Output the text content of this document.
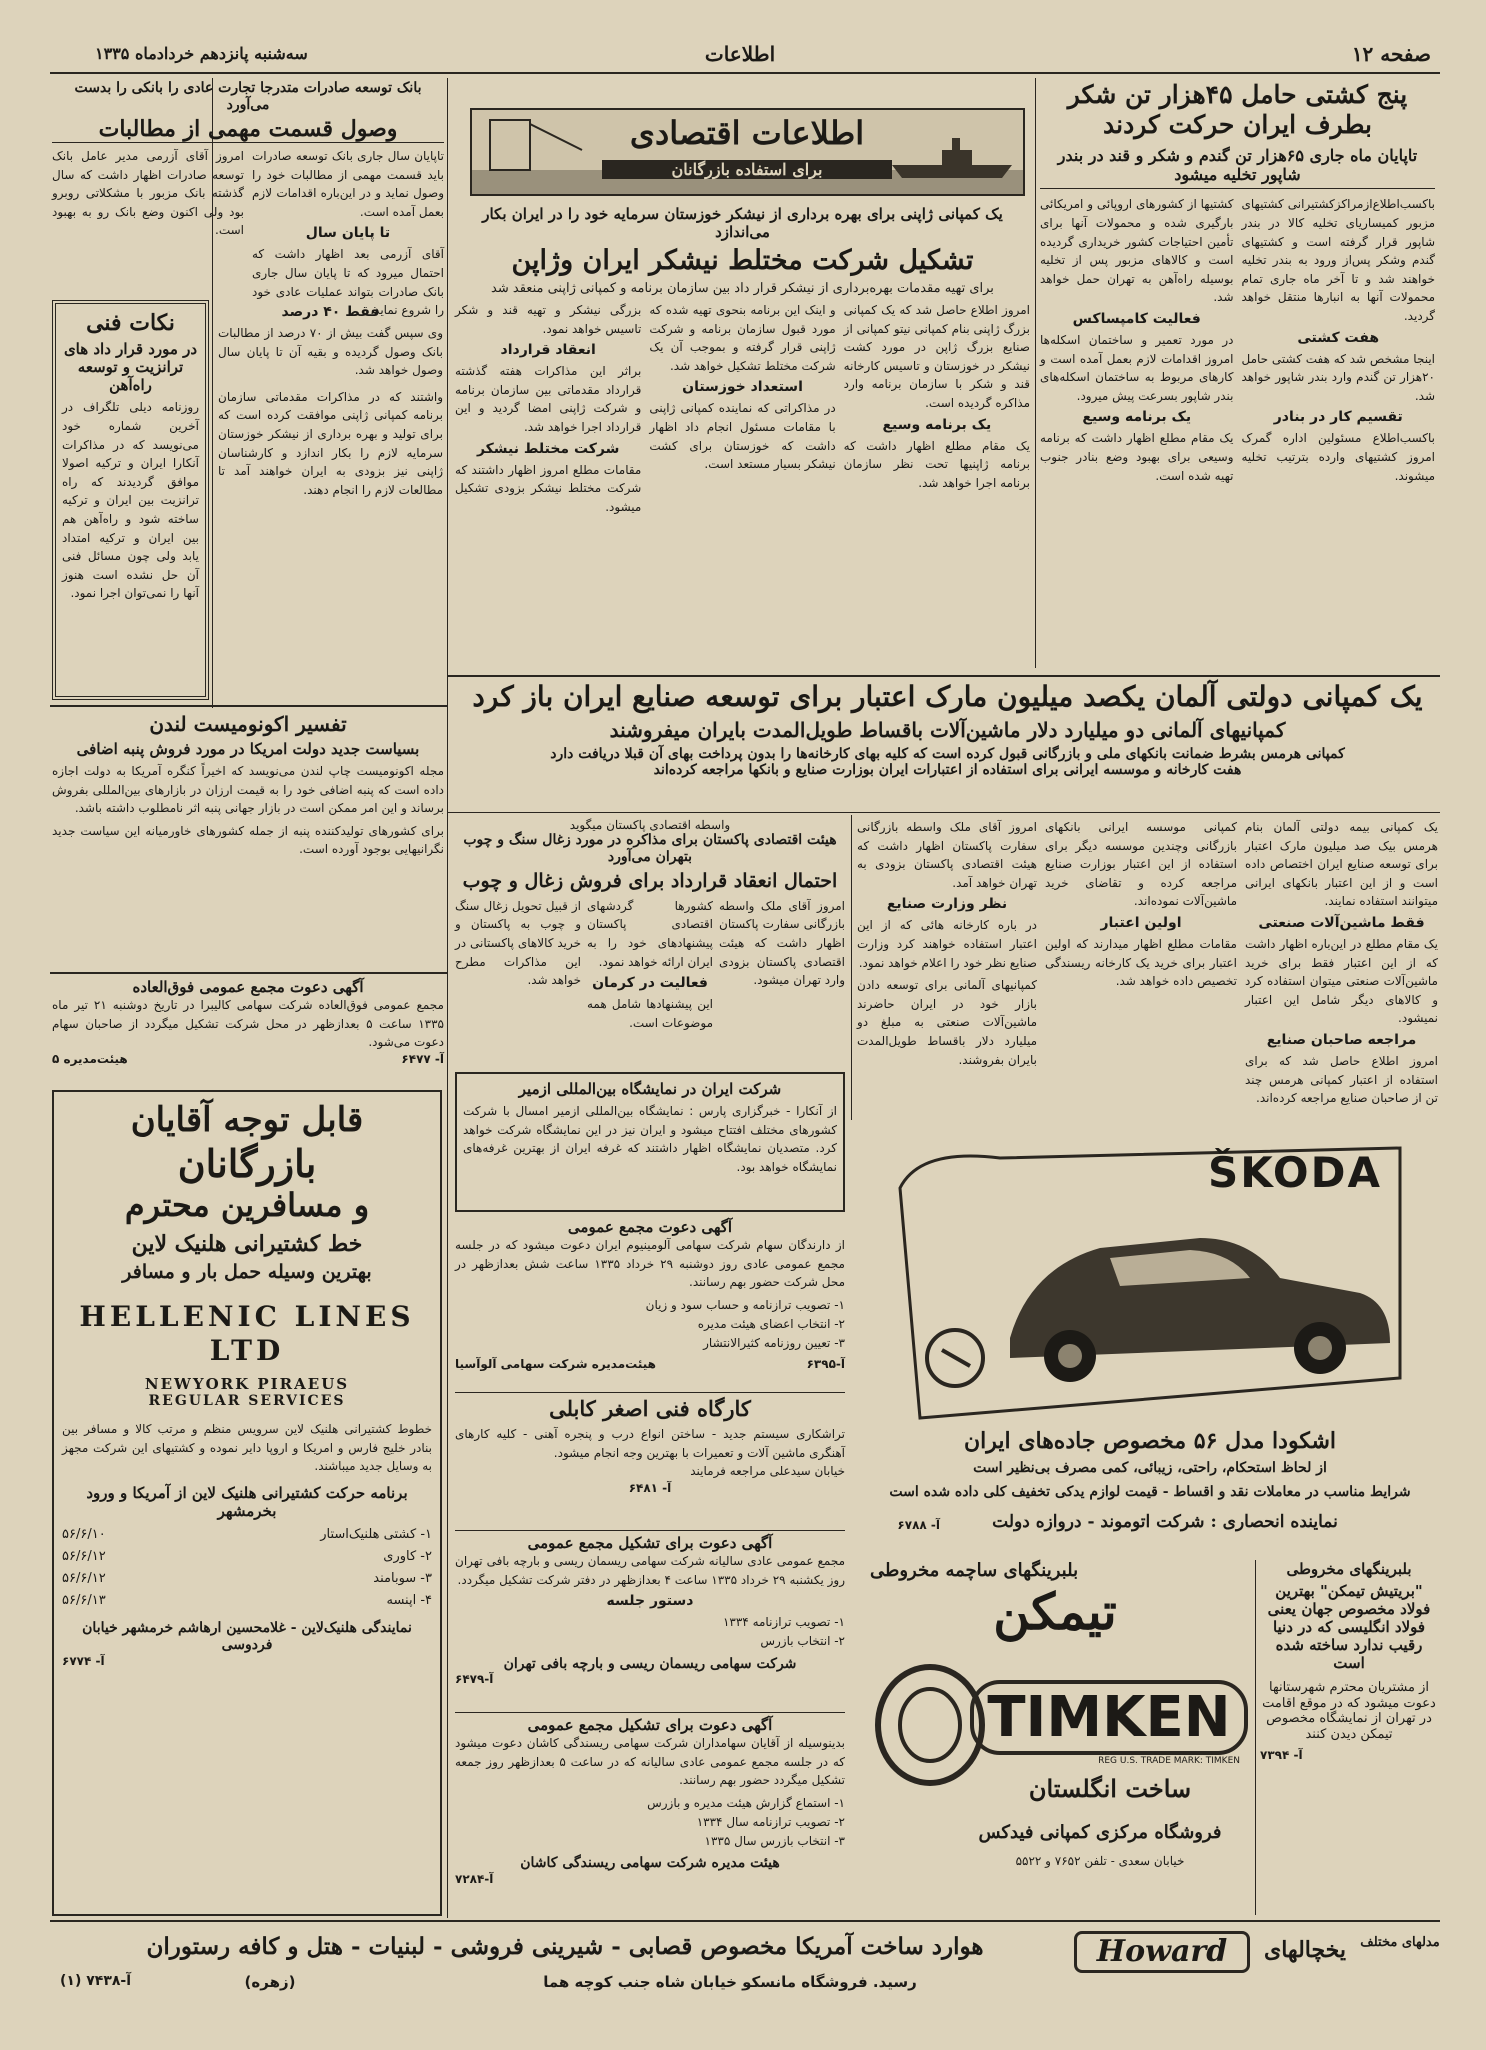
صفحه ۱۲
اطلاعات
سه‌شنبه پانزدهم خردادماه ۱۳۳۵
پنج کشتی حامل ۴۵هزار تن شکر بطرف ایران حرکت کردند
تاپایان ماه جاری ۶۵هزار تن گندم و شکر و قند در بندر شاپور تخلیه میشود
باکسب‌اطلاع‌از‌مراکز‌کشتیرانی کشتیهای مزبور کمیساریای تخلیه کالا در بندر شاپور قرار گرفته است و کشتیهای گندم وشکر پس‌از ورود به بندر تخلیه خواهند شد و تا آخر ماه جاری تمام محمولات آنها به انبارها منتقل خواهد گردید.
هفت کشتی
اینجا مشخص شد که هفت کشتی حامل ۲۰هزار تن گندم وارد بندر شاپور خواهد شد.
تقسیم کار در بنادر
باکسب‌اطلاع مسئولین اداره گمرک امروز کشتیهای وارده بترتیب تخلیه میشوند.
کشتیها از کشورهای اروپائی و امریکائی بارگیری شده و محمولات آنها برای تأمین احتیاجات کشور خریداری گردیده است و کالاهای مزبور پس از تخلیه بوسیله راه‌آهن به تهران حمل خواهد شد.
فعالیت کامپساکس
در مورد تعمیر و ساختمان اسکله‌ها امروز اقدامات لازم بعمل آمده است و کارهای مربوط به ساختمان اسکله‌های بندر شاپور بسرعت پیش میرود.
یک برنامه وسیع
یک مقام مطلع اظهار داشت که برنامه وسیعی برای بهبود وضع بنادر جنوب تهیه شده است.
اطلاعات اقتصادی
برای استفاده بازرگانان
یک کمپانی ژاپنی برای بهره برداری از نیشکر خوزستان سرمایه خود را در ایران بکار می‌اندازد
تشکیل شرکت مختلط نیشکر ایران وژاپن
برای تهیه مقدمات بهره‌برداری از نیشکر قرار داد بین سازمان برنامه و کمپانی ژاپنی منعقد شد
امروز اطلاع حاصل شد که یک کمپانی بزرگ ژاپنی بنام کمپانی نیتو کمپانی از صنایع بزرگ ژاپن در مورد کشت نیشکر در خوزستان و تاسیس کارخانه قند و شکر با سازمان برنامه وارد مذاکره گردیده است.
یک برنامه وسیع
یک مقام مطلع اظهار داشت که برنامه ژاپنیها تحت نظر سازمان برنامه اجرا خواهد شد.
و اینک این برنامه بنحوی تهیه شده که مورد قبول سازمان برنامه و شرکت ژاپنی قرار گرفته و بموجب آن یک شرکت مختلط تشکیل خواهد شد.
استعداد خوزستان
در مذاکراتی که نماینده کمپانی ژاپنی با مقامات مسئول انجام داد اظهار داشت که خوزستان برای کشت نیشکر بسیار مستعد است.
بزرگی نیشکر و تهیه قند و شکر تاسیس خواهد نمود.
انعقاد قرارداد
براثر این مذاکرات هفته گذشته قرارداد مقدماتی بین سازمان برنامه و شرکت ژاپنی امضا گردید و این قرارداد اجرا خواهد شد.
شرکت مختلط نیشکر
مقامات مطلع امروز اظهار داشتند که شرکت مختلط نیشکر بزودی تشکیل میشود.
بانک توسعه صادرات متدرجا تجارت عادی را بانکی را بدست می‌آورد
وصول قسمت مهمی از مطالبات
تاپایان سال جاری بانک توسعه صادرات باید قسمت مهمی از مطالبات خود را وصول نماید و در این‌باره اقدامات لازم بعمل آمده است.
تا پایان سال
آقای آزرمی بعد اظهار داشت که احتمال میرود که تا پایان سال جاری بانک صادرات بتواند عملیات عادی خود را شروع نماید.
امروز آقای آزرمی مدیر عامل بانک توسعه صادرات اظهار داشت که سال گذشته بانک مزبور با مشکلاتی روبرو بود ولی اکنون وضع بانک رو به بهبود است.
فقط ۴۰ درصد
وی سپس گفت بیش از ۷۰ درصد از مطالبات بانک وصول گردیده و بقیه آن تا پایان سال وصول خواهد شد.
واشتند که در مذاکرات مقدماتی سازمان برنامه کمپانی ژاپنی موافقت کرده است که برای تولید و بهره برداری از نیشکر خوزستان سرمایه لازم را بکار اندازد و کارشناسان ژاپنی نیز بزودی به ایران خواهند آمد تا مطالعات لازم را انجام دهند.
نکات فنی
در مورد قرار داد های ترانزیت و توسعه راه‌آهن
روزنامه دیلی تلگراف در آخرین شماره خود می‌نویسد که در مذاکرات آنکارا ایران و ترکیه اصولا موافق گردیدند که راه ترانزیت بین ایران و ترکیه ساخته شود و راه‌آهن هم بین ایران و ترکیه امتداد یابد ولی چون مسائل فنی آن حل نشده است هنوز آنها را نمی‌توان اجرا نمود.
تفسیر اکونومیست لندن
بسیاست جدید دولت امریکا در مورد فروش پنبه اضافی
مجله اکونومیست چاپ لندن می‌نویسد که اخیراً کنگره آمریکا به دولت اجازه داده است که پنبه اضافی خود را به قیمت ارزان در بازارهای بین‌المللی بفروش برساند و این امر ممکن است در بازار جهانی پنبه اثر نامطلوب داشته باشد.
برای کشورهای تولیدکننده پنبه از جمله کشورهای خاورمیانه این سیاست جدید نگرانیهایی بوجود آورده است.
آگهی دعوت مجمع عمومی فوق‌العاده
مجمع عمومی فوق‌العاده شرکت سهامی کالیبرا در تاریخ دوشنبه ۲۱ تیر ماه ۱۳۳۵ ساعت ۵ بعدازظهر در محل شرکت تشکیل میگردد از صاحبان سهام دعوت می‌شود.
آ- ۶۴۷۷
هیئت‌مدیره ۵
قابل توجه آقایان
بازرگانان
و مسافرین محترم
خط کشتیرانی هلنیک لاین
بهترین وسیله حمل بار و مسافر
HELLENIC LINES LTD
NEWYORK PIRAEUS
REGULAR SERVICES
خطوط کشتیرانی هلنیک لاین سرویس منظم و مرتب کالا و مسافر بین بنادر خلیج فارس و امریکا و اروپا دایر نموده و کشتیهای این شرکت مجهز به وسایل جدید میباشند.
برنامه حرکت کشتیرانی هلنیک لاین از آمریکا و ورود بخرمشهر
۱- کشتی هلنیک‌استار
۵۶/۶/۱۰
۲- کاوری
۵۶/۶/۱۲
۳- سوبامند
۵۶/۶/۱۲
۴- اپنسه
۵۶/۶/۱۳
نمایندگی هلنیک‌لاین - غلامحسین ارهاشم خرمشهر خیابان فردوسی
آ- ۶۷۷۴
یک کمپانی دولتی آلمان یکصد میلیون مارک اعتبار برای توسعه صنایع ایران باز کرد
کمپانیهای آلمانی دو میلیارد دلار ماشین‌آلات باقساط طویل‌المدت بایران میفروشند
کمپانی هرمس بشرط ضمانت بانکهای ملی و بازرگانی قبول کرده است که کلیه بهای کارخانه‌ها را بدون پرداخت بهای آن قبلا دریافت دارد
هفت کارخانه و موسسه ایرانی برای استفاده از اعتبارات ایران بوزارت صنایع و بانکها مراجعه کرده‌اند
یک کمپانی بیمه دولتی آلمان بنام هرمس بیک صد میلیون مارک اعتبار برای توسعه صنایع ایران اختصاص داده است و از این اعتبار بانکهای ایرانی میتوانند استفاده نمایند.
فقط ماشین‌آلات صنعتی
یک مقام مطلع در این‌باره اظهار داشت که از این اعتبار فقط برای خرید ماشین‌آلات صنعتی میتوان استفاده کرد و کالاهای دیگر شامل این اعتبار نمیشود.
مراجعه صاحبان صنایع
امروز اطلاع حاصل شد که برای استفاده از اعتبار کمپانی هرمس چند تن از صاحبان صنایع مراجعه کرده‌اند.
کمپانی موسسه ایرانی بانکهای بازرگانی وچندین موسسه دیگر برای استفاده از این اعتبار بوزارت صنایع مراجعه کرده و تقاضای خرید ماشین‌آلات نموده‌اند.
اولین اعتبار
مقامات مطلع اظهار میدارند که اولین اعتبار برای خرید یک کارخانه ریسندگی تخصیص داده خواهد شد.
امروز آقای ملک واسطه بازرگانی سفارت پاکستان اظهار داشت که هیئت اقتصادی پاکستان بزودی به تهران خواهد آمد.
نظر وزارت صنایع
در باره کارخانه هائی که از این اعتبار استفاده خواهند کرد وزارت صنایع نظر خود را اعلام خواهد نمود.
کمپانیهای آلمانی برای توسعه دادن بازار خود در ایران حاضرند ماشین‌آلات صنعتی به مبلغ دو میلیارد دلار باقساط طویل‌المدت بایران بفروشند.
واسطه اقتصادی پاکستان میگوید
هیئت اقتصادی پاکستان برای مذاکره در مورد زغال سنگ و چوب بتهران می‌آورد
احتمال انعقاد قرارداد برای فروش زغال و چوب
امروز آقای ملک واسطه بازرگانی سفارت پاکستان اظهار داشت که هیئت اقتصادی پاکستان بزودی وارد تهران میشود.
کشورها گردشهای اقتصادی پاکستان پیشنهادهای خود را به ایران ارائه خواهد نمود.
فعالیت در کرمان
این پیشنهادها شامل همه موضوعات است.
از قبیل تحویل زغال سنگ و چوب به پاکستان و خرید کالاهای پاکستانی در این مذاکرات مطرح خواهد شد.
شرکت ایران در نمایشگاه بین‌المللی ازمیر
از آنکارا - خبرگزاری پارس : نمایشگاه بین‌المللی ازمیر امسال با شرکت کشورهای مختلف افتتاح میشود و ایران نیز در این نمایشگاه شرکت خواهد کرد. متصدیان نمایشگاه اظهار داشتند که غرفه ایران از بهترین غرفه‌های نمایشگاه خواهد بود.
آگهی دعوت مجمع عمومی
از دارندگان سهام شرکت سهامی آلومینیوم ایران دعوت میشود که در جلسه مجمع عمومی عادی روز دوشنبه ۲۹ خرداد ۱۳۳۵ ساعت شش بعدازظهر در محل شرکت حضور بهم رسانند.
۱- تصویب ترازنامه و حساب سود و زیان
۲- انتخاب اعضای هیئت مدیره
۳- تعیین روزنامه کثیرالانتشار
آ-۶۳۹۵
هیئت‌مدیره شرکت سهامی آلوآسیا
کارگاه فنی اصغر کابلی
تراشکاری سیستم جدید - ساختن انواع درب و پنجره آهنی - کلیه کارهای آهنگری ماشین آلات و تعمیرات با بهترین وجه انجام میشود.
خیابان سیدعلی مراجعه فرمایند
آ- ۶۴۸۱
آگهی دعوت برای تشکیل مجمع عمومی
مجمع عمومی عادی سالیانه شرکت سهامی ریسمان ریسی و بارچه بافی تهران روز یکشنبه ۲۹ خرداد ۱۳۳۵ ساعت ۴ بعدازظهر در دفتر شرکت تشکیل میگردد.
دستور جلسه
۱- تصویب ترازنامه ۱۳۳۴
۲- انتخاب بازرس
شرکت سهامی ریسمان ریسی و بارچه بافی تهران
آ-۶۴۷۹
آگهی دعوت برای تشکیل مجمع عمومی
بدینوسیله از آقایان سهامداران شرکت سهامی ریسندگی کاشان دعوت میشود که در جلسه مجمع عمومی عادی سالیانه که در ساعت ۵ بعدازظهر روز جمعه تشکیل میگردد حضور بهم رسانند.
۱- استماع گزارش هیئت مدیره و بازرس
۲- تصویب ترازنامه سال ۱۳۳۴
۳- انتخاب بازرس سال ۱۳۳۵
هیئت مدیره شرکت سهامی ریسندگی کاشان
آ-۷۲۸۴
ŠKODA
اشکودا مدل ۵۶ مخصوص جاده‌های ایران
از لحاظ استحکام، راحتی، زیبائی، کمی مصرف بی‌نظیر است
شرایط مناسب در معاملات نقد و اقساط - قیمت لوازم یدکی تخفیف کلی داده شده است
نماینده انحصاری : شرکت اتوموند - دروازه دولت
آ- ۶۷۸۸
بلبرینگهای مخروطی
"بریتیش تیمکن" بهترین فولاد مخصوص جهان یعنی فولاد انگلیسی که در دنیا رقیب ندارد ساخته شده است
از مشتریان محترم شهرستانها دعوت میشود که در موقع اقامت در تهران از نمایشگاه مخصوص تیمکن دیدن کنند
آ- ۷۳۹۴
بلبرینگهای ساچمه مخروطی
تیمکن
TIMKEN
REG U.S. TRADE MARK: TIMKEN
ساخت انگلستان
فروشگاه مرکزی کمپانی فیدکس
خیابان سعدی - تلفن ۷۶۵۲ و ۵۵۲۲
مدلهای مختلف
یخچالهای
Howard
هوارد ساخت آمریکا مخصوص قصابی - شیرینی فروشی - لبنیات - هتل و کافه رستوران
رسید. فروشگاه مانسکو خیابان شاه جنب کوچه هما
(زهره)
آ-۷۴۳۸ (۱)
